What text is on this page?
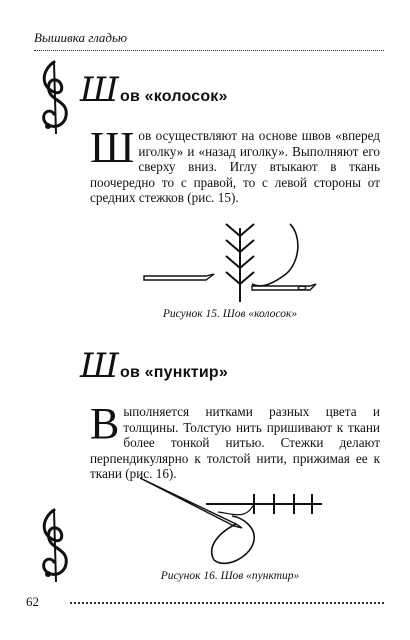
Вышивка гладью
Шов «колосок»
Шов осуществляют на основе швов «вперед иголку» и «назад иголку». Выполняют его сверху вниз. Иглу втыкают в ткань поочередно то с правой, то с левой стороны от средних стежков (рис. 15).
Рисунок 15. Шов «колосок»
Шов «пунктир»
Выполняется нитками разных цвета и толщины. Толстую нить пришивают к ткани более тонкой нитью. Стежки делают перпендикулярно к толстой нити, прижимая ее к ткани (рис. 16).
Рисунок 16. Шов «пунктир»
62
